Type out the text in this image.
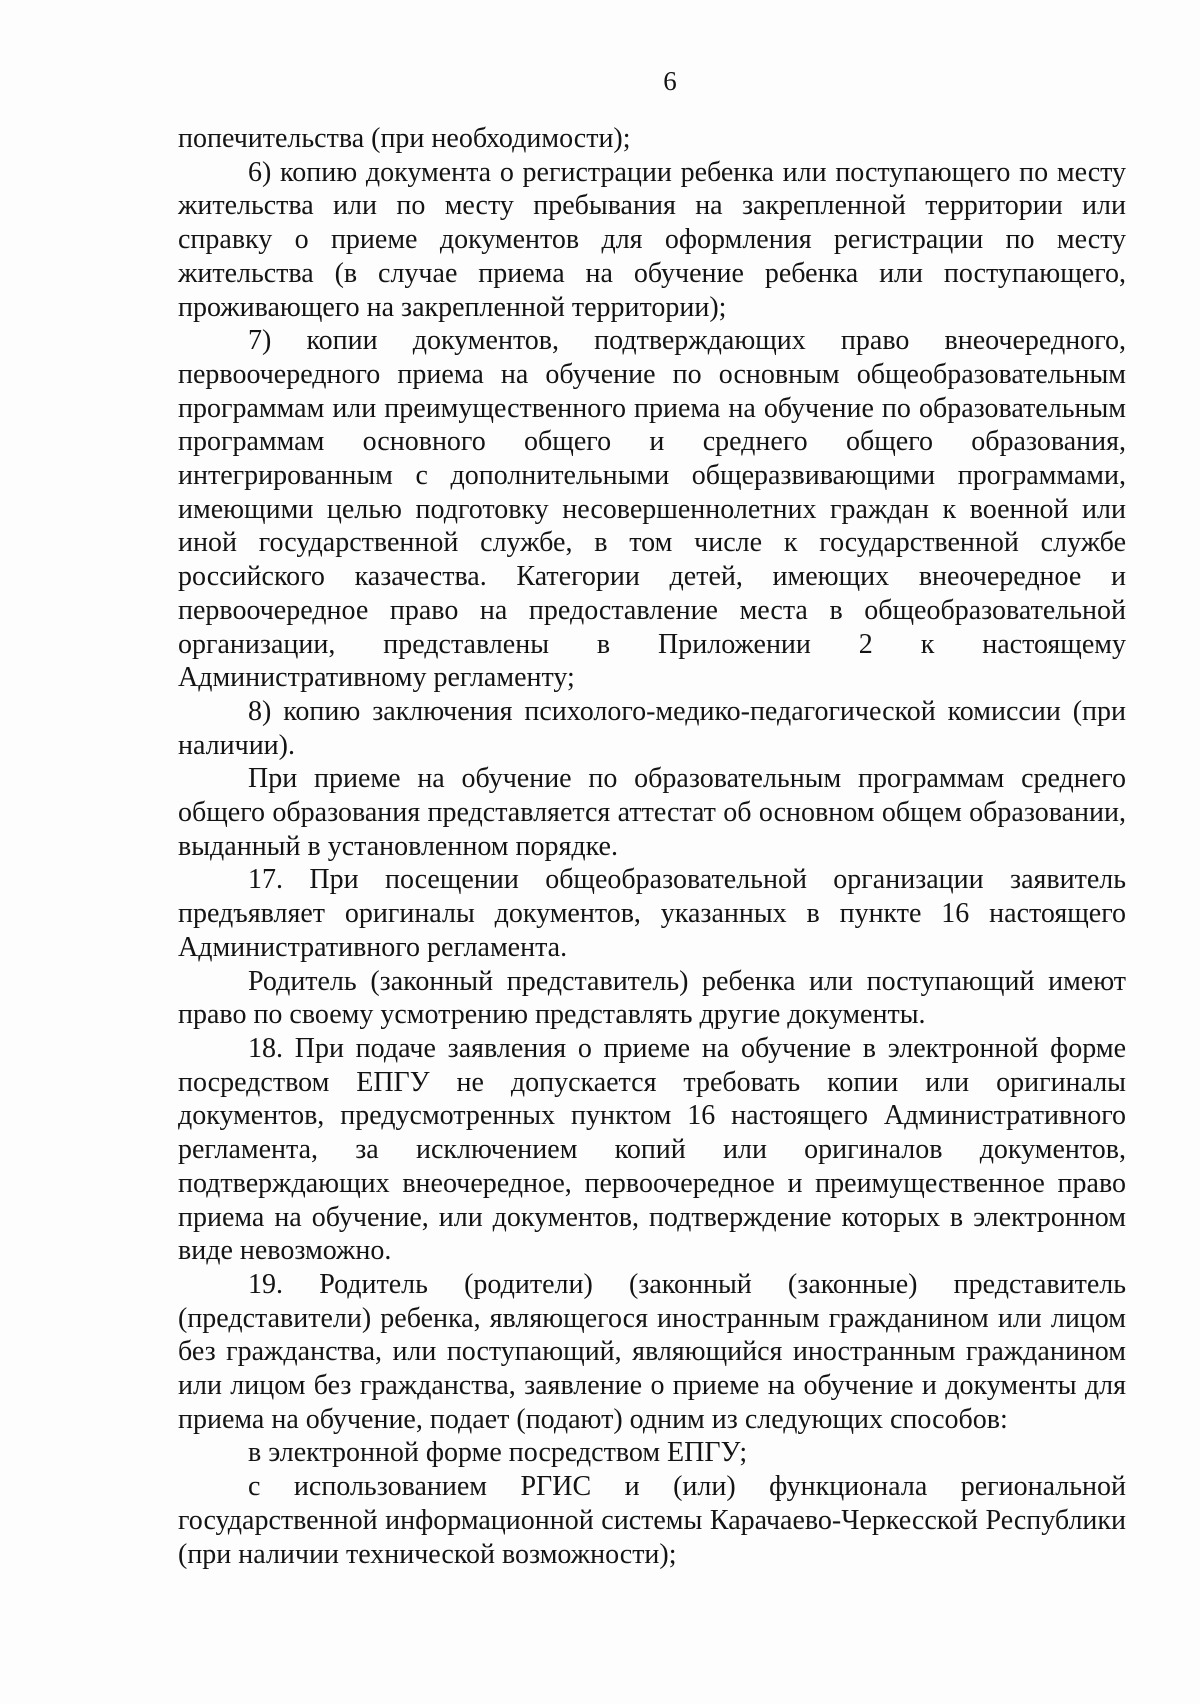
6

попечительства (при необходимости);

6) копию документа о регистрации ребенка или поступающего по месту жительства или по месту пребывания на закрепленной территории или справку о приеме документов для оформления регистрации по месту жительства (в случае приема на обучение ребенка или поступающего, проживающего на закрепленной территории);

7) копии документов, подтверждающих право внеочередного, первоочередного приема на обучение по основным общеобразовательным программам или преимущественного приема на обучение по образовательным программам основного общего и среднего общего образования, интегрированным с дополнительными общеразвивающими программами, имеющими целью подготовку несовершеннолетних граждан к военной или иной государственной службе, в том числе к государственной службе российского казачества. Категории детей, имеющих внеочередное и первоочередное право на предоставление места в общеобразовательной организации, представлены в Приложении 2 к настоящему Административному регламенту;

8) копию заключения психолого-медико-педагогической комиссии (при наличии).

При приеме на обучение по образовательным программам среднего общего образования представляется аттестат об основном общем образовании, выданный в установленном порядке.

17. При посещении общеобразовательной организации заявитель предъявляет оригиналы документов, указанных в пункте 16 настоящего Административного регламента.

Родитель (законный представитель) ребенка или поступающий имеют право по своему усмотрению представлять другие документы.

18. При подаче заявления о приеме на обучение в электронной форме посредством ЕПГУ не допускается требовать копии или оригиналы документов, предусмотренных пунктом 16 настоящего Административного регламента, за исключением копий или оригиналов документов, подтверждающих внеочередное, первоочередное и преимущественное право приема на обучение, или документов, подтверждение которых в электронном виде невозможно.

19. Родитель (родители) (законный (законные) представитель (представители) ребенка, являющегося иностранным гражданином или лицом без гражданства, или поступающий, являющийся иностранным гражданином или лицом без гражданства, заявление о приеме на обучение и документы для приема на обучение, подает (подают) одним из следующих способов:

в электронной форме посредством ЕПГУ;

с использованием РГИС и (или) функционала региональной государственной информационной системы Карачаево-Черкесской Республики (при наличии технической возможности);
